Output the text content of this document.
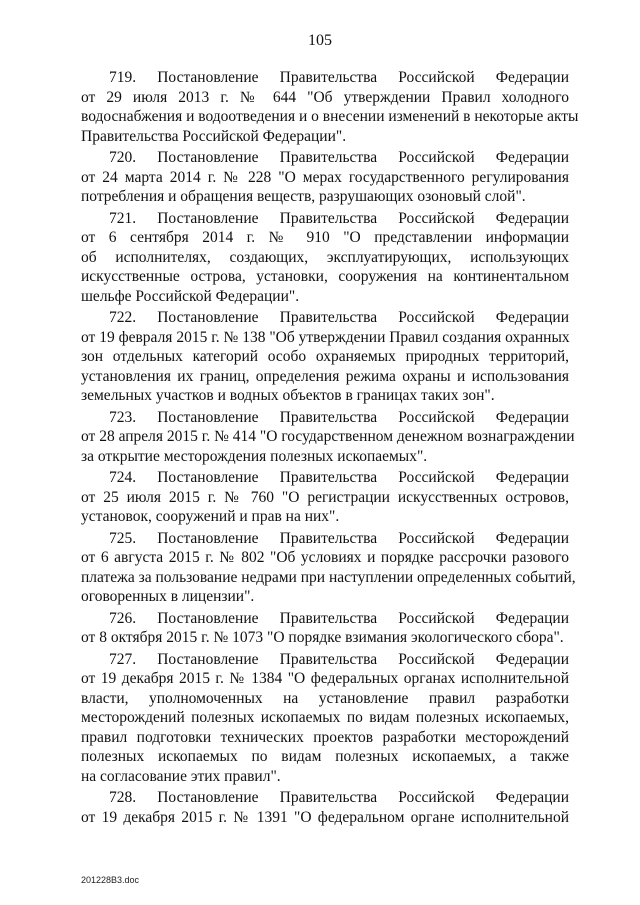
105
719. Постановление Правительства Российской Федерации
от 29 июля 2013 г. № 644 "Об утверждении Правил холодного
водоснабжения и водоотведения и о внесении изменений в некоторые акты
Правительства Российской Федерации".
720. Постановление Правительства Российской Федерации
от 24 марта 2014 г. № 228 "О мерах государственного регулирования
потребления и обращения веществ, разрушающих озоновый слой".
721. Постановление Правительства Российской Федерации
от 6 сентября 2014 г. № 910 "О представлении информации
об исполнителях, создающих, эксплуатирующих, использующих
искусственные острова, установки, сооружения на континентальном
шельфе Российской Федерации".
722. Постановление Правительства Российской Федерации
от 19 февраля 2015 г. № 138 "Об утверждении Правил создания охранных
зон отдельных категорий особо охраняемых природных территорий,
установления их границ, определения режима охраны и использования
земельных участков и водных объектов в границах таких зон".
723. Постановление Правительства Российской Федерации
от 28 апреля 2015 г. № 414 "О государственном денежном вознаграждении
за открытие месторождения полезных ископаемых".
724. Постановление Правительства Российской Федерации
от 25 июля 2015 г. № 760 "О регистрации искусственных островов,
установок, сооружений и прав на них".
725. Постановление Правительства Российской Федерации
от 6 августа 2015 г. № 802 "Об условиях и порядке рассрочки разового
платежа за пользование недрами при наступлении определенных событий,
оговоренных в лицензии".
726. Постановление Правительства Российской Федерации
от 8 октября 2015 г. № 1073 "О порядке взимания экологического сбора".
727. Постановление Правительства Российской Федерации
от 19 декабря 2015 г. № 1384 "О федеральных органах исполнительной
власти, уполномоченных на установление правил разработки
месторождений полезных ископаемых по видам полезных ископаемых,
правил подготовки технических проектов разработки месторождений
полезных ископаемых по видам полезных ископаемых, а также
на согласование этих правил".
728. Постановление Правительства Российской Федерации
от 19 декабря 2015 г. № 1391 "О федеральном органе исполнительной
201228В3.doc
